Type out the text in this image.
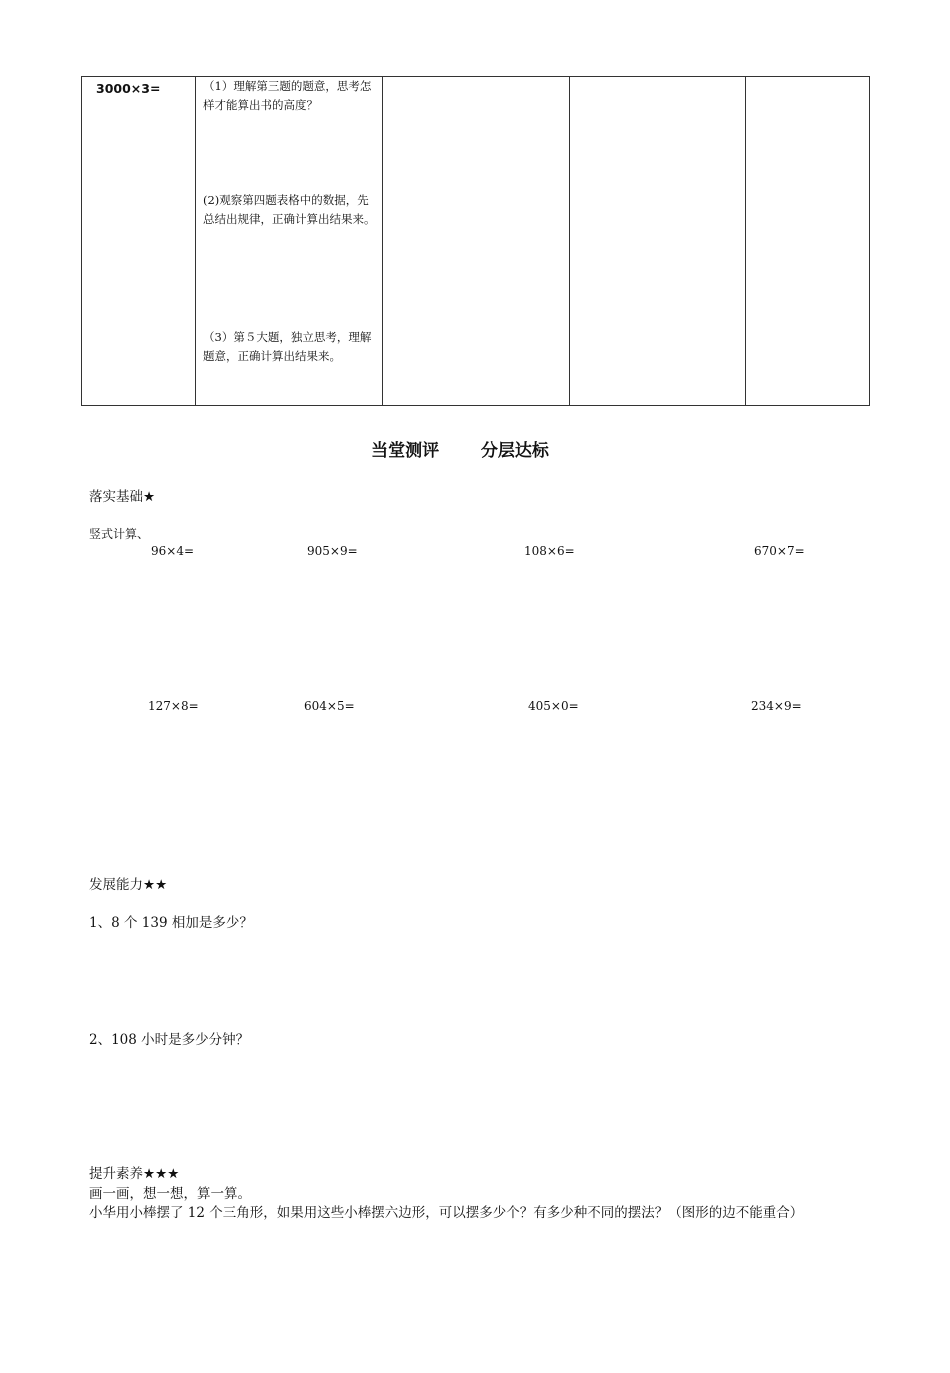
3000×3=	（1）理解第三题的题意，思考怎样才能算出书的高度？
(2)观察第四题表格中的数据，先总结出规律，正确计算出结果来。
（3）第５大题，独立思考，理解题意，正确计算出结果来。
当堂测评 分层达标
落实基础★
竖式计算、
96×4=	905×9=	108×6=	670×7=
127×8=	604×5=	405×0=	234×9=
发展能力★★
1、8 个 139 相加是多少？
2、108 小时是多少分钟？
提升素养★★★
画一画，想一想，算一算。
小华用小棒摆了 12 个三角形，如果用这些小棒摆六边形，可以摆多少个？有多少种不同的摆法？（图形的边不能重合）
